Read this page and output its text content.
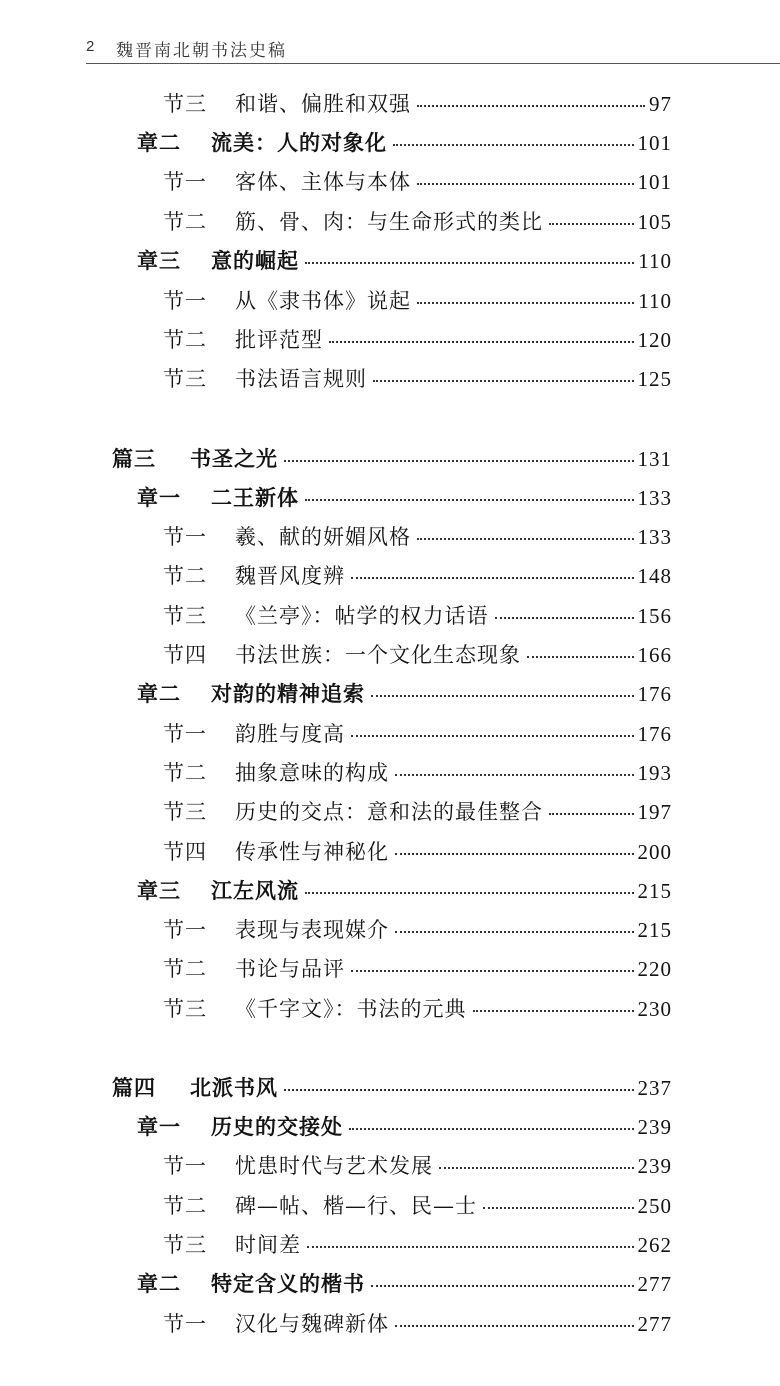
2 魏晋南北朝书法史稿
节三	和谐、偏胜和双强	97
章二	流美：人的对象化	101
节一	客体、主体与本体	101
节二	筋、骨、肉：与生命形式的类比	105
章三	意的崛起	110
节一	从《隶书体》说起	110
节二	批评范型	120
节三	书法语言规则	125
篇三	书圣之光	131
章一	二王新体	133
节一	羲、献的妍媚风格	133
节二	魏晋风度辨	148
节三	《兰亭》：帖学的权力话语	156
节四	书法世族：一个文化生态现象	166
章二	对韵的精神追索	176
节一	韵胜与度高	176
节二	抽象意味的构成	193
节三	历史的交点：意和法的最佳整合	197
节四	传承性与神秘化	200
章三	江左风流	215
节一	表现与表现媒介	215
节二	书论与品评	220
节三	《千字文》：书法的元典	230
篇四	北派书风	237
章一	历史的交接处	239
节一	忧患时代与艺术发展	239
节二	碑—帖、楷—行、民—士	250
节三	时间差	262
章二	特定含义的楷书	277
节一	汉化与魏碑新体	277
